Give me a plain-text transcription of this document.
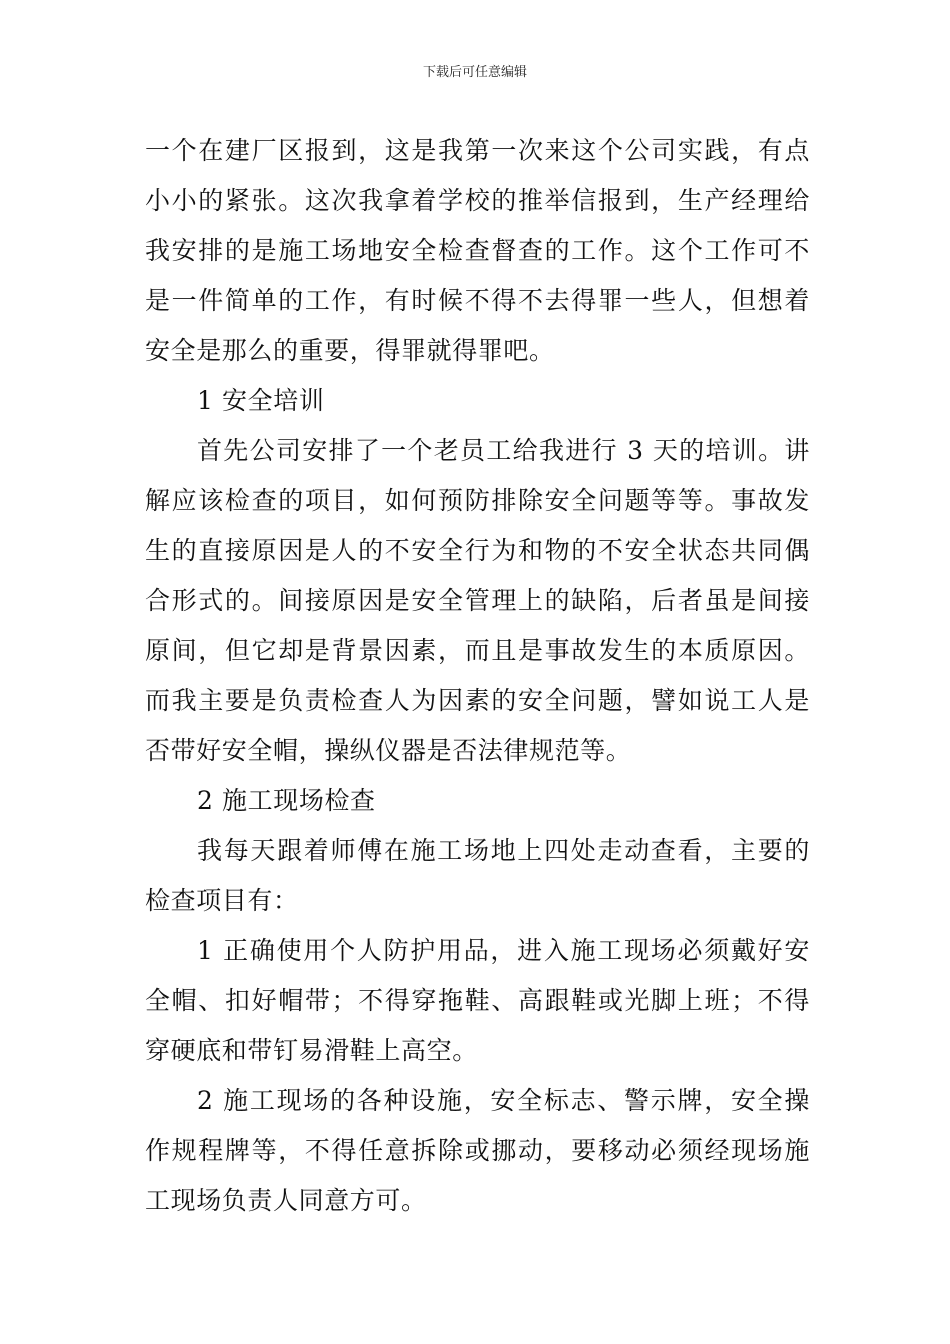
下载后可任意编辑

一个在建厂区报到，这是我第一次来这个公司实践，有点小小的紧张。这次我拿着学校的推举信报到，生产经理给我安排的是施工场地安全检查督查的工作。这个工作可不是一件简单的工作，有时候不得不去得罪一些人，但想着安全是那么的重要，得罪就得罪吧。

1 安全培训

首先公司安排了一个老员工给我进行 3 天的培训。讲解应该检查的项目，如何预防排除安全问题等等。事故发生的直接原因是人的不安全行为和物的不安全状态共同偶合形式的。间接原因是安全管理上的缺陷，后者虽是间接原间，但它却是背景因素，而且是事故发生的本质原因。而我主要是负责检查人为因素的安全问题，譬如说工人是否带好安全帽，操纵仪器是否法律规范等。

2 施工现场检查

我每天跟着师傅在施工场地上四处走动查看，主要的检查项目有：

1 正确使用个人防护用品，进入施工现场必须戴好安全帽、扣好帽带；不得穿拖鞋、高跟鞋或光脚上班；不得穿硬底和带钉易滑鞋上高空。

2 施工现场的各种设施，安全标志、警示牌，安全操作规程牌等，不得任意拆除或挪动，要移动必须经现场施工现场负责人同意方可。
